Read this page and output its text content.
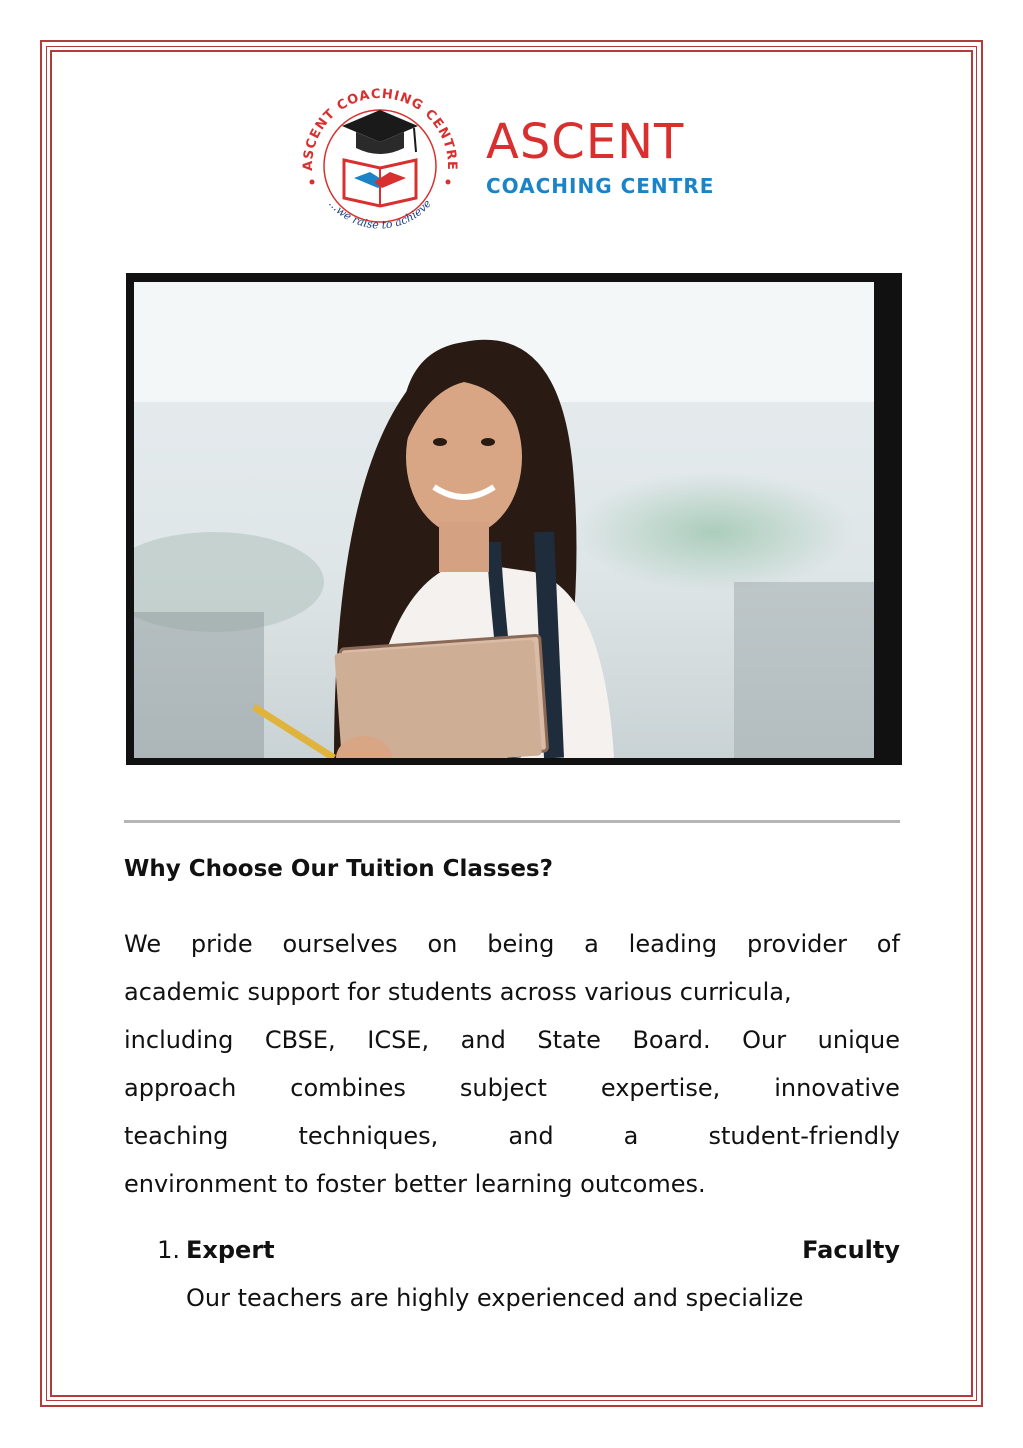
ASCENT COACHING CENTRE
...we raise to achieve
ASCENT
COACHING CENTRE
Why Choose Our Tuition Classes?
We pride ourselves on being a leading provider of
academic support for students across various curricula,
including CBSE, ICSE, and State Board. Our unique
approach combines subject expertise, innovative
teaching	techniques,	and	a	student-friendly
environment to foster better learning outcomes.
1. Expert	Faculty
Our teachers are highly experienced and specialize
